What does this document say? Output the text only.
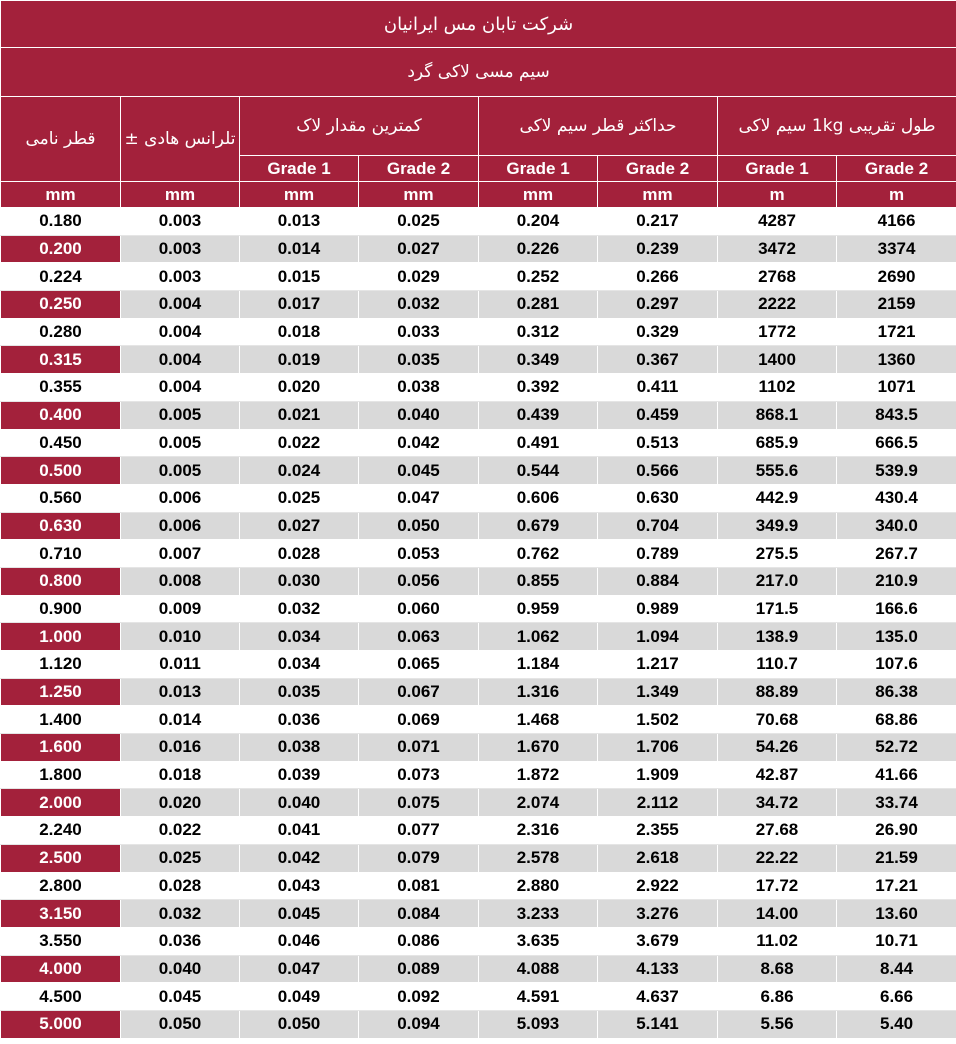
شرکت تابان مس ایرانیان							
سیم مسی لاکی گرد							
قطر نامی	تلرانس هادی ±	کمترین مقدار لاک		حداکثر قطر سیم لاکی		طول تقریبی 1kg سیم لاکی	
		Grade 1	Grade 2	Grade 1	Grade 2	Grade 1	Grade 2
mm	mm	mm	mm	mm	mm	m	m
0.180	0.003	0.013	0.025	0.204	0.217	4287	4166
0.200	0.003	0.014	0.027	0.226	0.239	3472	3374
0.224	0.003	0.015	0.029	0.252	0.266	2768	2690
0.250	0.004	0.017	0.032	0.281	0.297	2222	2159
0.280	0.004	0.018	0.033	0.312	0.329	1772	1721
0.315	0.004	0.019	0.035	0.349	0.367	1400	1360
0.355	0.004	0.020	0.038	0.392	0.411	1102	1071
0.400	0.005	0.021	0.040	0.439	0.459	868.1	843.5
0.450	0.005	0.022	0.042	0.491	0.513	685.9	666.5
0.500	0.005	0.024	0.045	0.544	0.566	555.6	539.9
0.560	0.006	0.025	0.047	0.606	0.630	442.9	430.4
0.630	0.006	0.027	0.050	0.679	0.704	349.9	340.0
0.710	0.007	0.028	0.053	0.762	0.789	275.5	267.7
0.800	0.008	0.030	0.056	0.855	0.884	217.0	210.9
0.900	0.009	0.032	0.060	0.959	0.989	171.5	166.6
1.000	0.010	0.034	0.063	1.062	1.094	138.9	135.0
1.120	0.011	0.034	0.065	1.184	1.217	110.7	107.6
1.250	0.013	0.035	0.067	1.316	1.349	88.89	86.38
1.400	0.014	0.036	0.069	1.468	1.502	70.68	68.86
1.600	0.016	0.038	0.071	1.670	1.706	54.26	52.72
1.800	0.018	0.039	0.073	1.872	1.909	42.87	41.66
2.000	0.020	0.040	0.075	2.074	2.112	34.72	33.74
2.240	0.022	0.041	0.077	2.316	2.355	27.68	26.90
2.500	0.025	0.042	0.079	2.578	2.618	22.22	21.59
2.800	0.028	0.043	0.081	2.880	2.922	17.72	17.21
3.150	0.032	0.045	0.084	3.233	3.276	14.00	13.60
3.550	0.036	0.046	0.086	3.635	3.679	11.02	10.71
4.000	0.040	0.047	0.089	4.088	4.133	8.68	8.44
4.500	0.045	0.049	0.092	4.591	4.637	6.86	6.66
5.000	0.050	0.050	0.094	5.093	5.141	5.56	5.40
